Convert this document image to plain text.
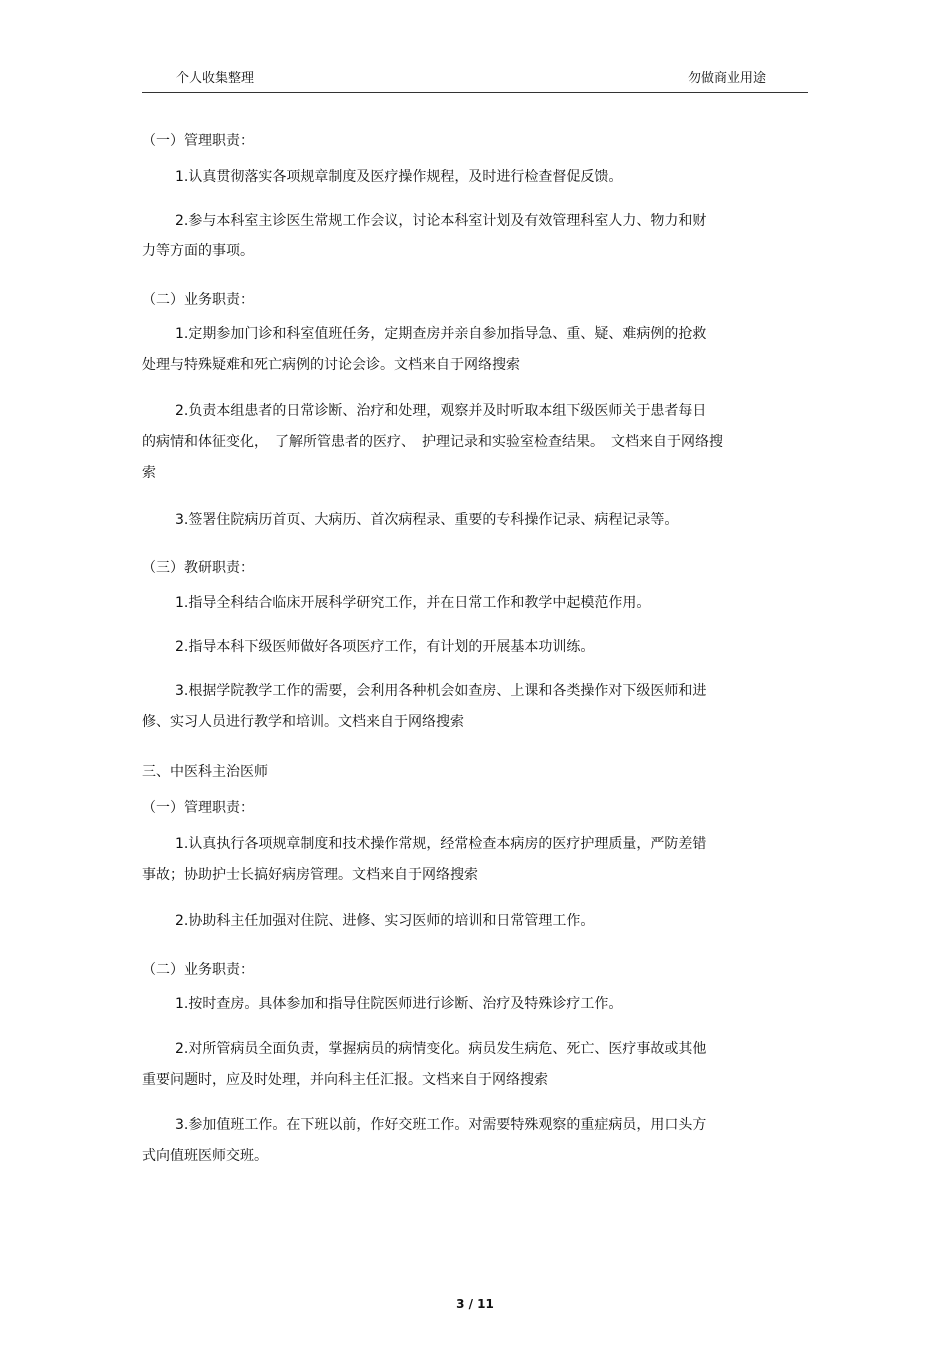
个人收集整理	勿做商业用途
（一）管理职责：
1.认真贯彻落实各项规章制度及医疗操作规程，及时进行检查督促反馈。
2.参与本科室主诊医生常规工作会议，讨论本科室计划及有效管理科室人力、物力和财
力等方面的事项。
（二）业务职责：
1.定期参加门诊和科室值班任务，定期查房并亲自参加指导急、重、疑、难病例的抢救
处理与特殊疑难和死亡病例的讨论会诊。文档来自于网络搜索
2.负责本组患者的日常诊断、治疗和处理，观察并及时听取本组下级医师关于患者每日
的病情和体征变化，　了解所管患者的医疗、　护理记录和实验室检查结果。　文档来自于网络搜
索
3.签署住院病历首页、大病历、首次病程录、重要的专科操作记录、病程记录等。
（三）教研职责：
1.指导全科结合临床开展科学研究工作，并在日常工作和教学中起模范作用。
2.指导本科下级医师做好各项医疗工作，有计划的开展基本功训练。
3.根据学院教学工作的需要，会利用各种机会如查房、上课和各类操作对下级医师和进
修、实习人员进行教学和培训。文档来自于网络搜索
三、中医科主治医师
（一）管理职责：
1.认真执行各项规章制度和技术操作常规，经常检查本病房的医疗护理质量，严防差错
事故；协助护士长搞好病房管理。文档来自于网络搜索
2.协助科主任加强对住院、进修、实习医师的培训和日常管理工作。
（二）业务职责：
1.按时查房。具体参加和指导住院医师进行诊断、治疗及特殊诊疗工作。
2.对所管病员全面负责，掌握病员的病情变化。病员发生病危、死亡、医疗事故或其他
重要问题时，应及时处理，并向科主任汇报。文档来自于网络搜索
3.参加值班工作。在下班以前，作好交班工作。对需要特殊观察的重症病员，用口头方
式向值班医师交班。
3 / 11
